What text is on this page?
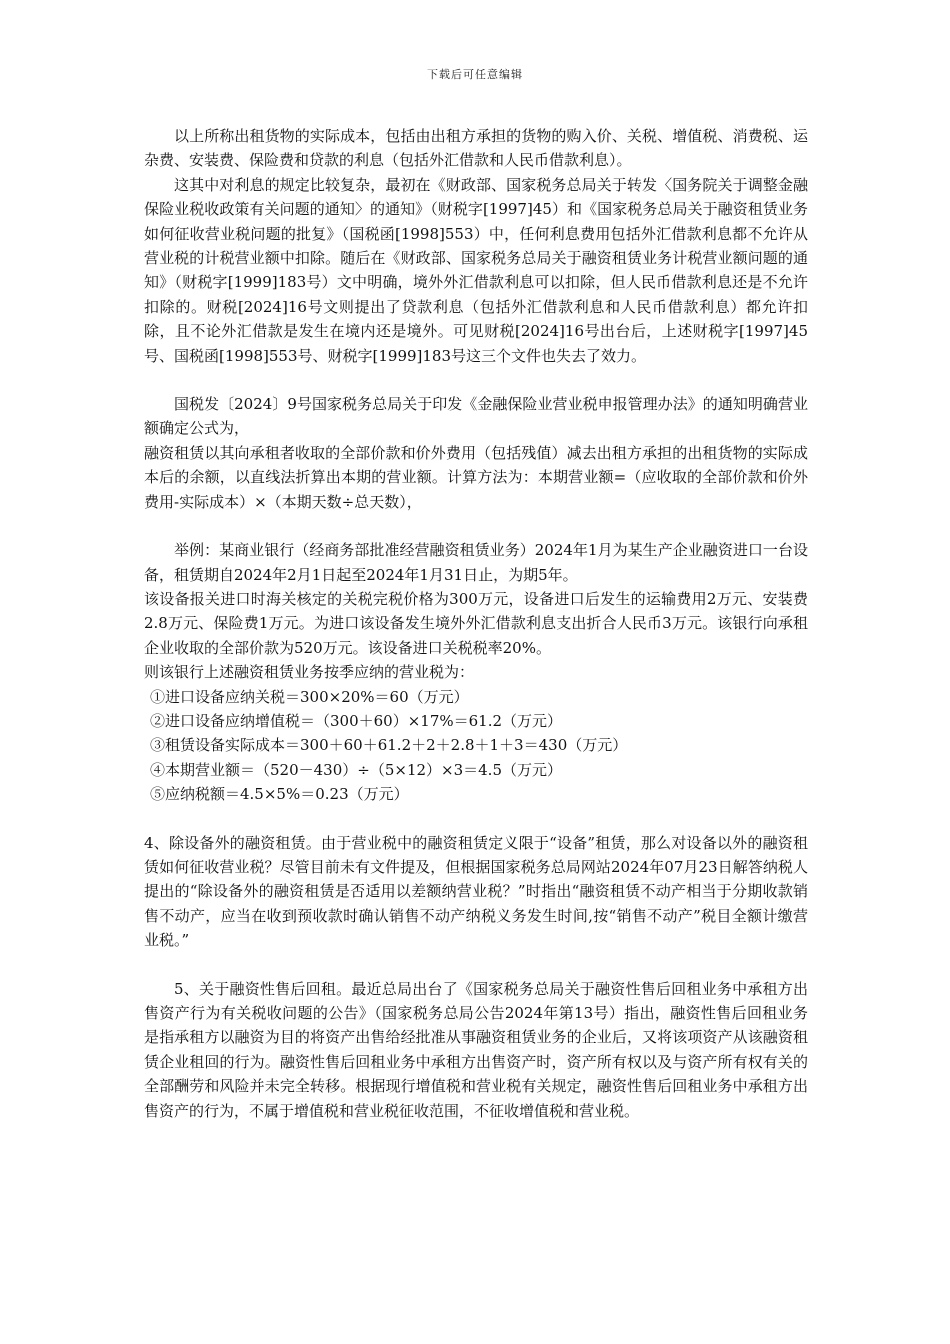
下载后可任意编辑

以上所称出租货物的实际成本，包括由出租方承担的货物的购入价、关税、增值税、消费税、运杂费、安装费、保险费和贷款的利息（包括外汇借款和人民币借款利息）。

这其中对利息的规定比较复杂，最初在《财政部、国家税务总局关于转发〈国务院关于调整金融保险业税收政策有关问题的通知〉的通知》（财税字[1997]45）和《国家税务总局关于融资租赁业务如何征收营业税问题的批复》（国税函[1998]553）中，任何利息费用包括外汇借款利息都不允许从营业税的计税营业额中扣除。随后在《财政部、国家税务总局关于融资租赁业务计税营业额问题的通知》（财税字[1999]183号）文中明确，境外外汇借款利息可以扣除，但人民币借款利息还是不允许扣除的。财税[2024]16号文则提出了贷款利息（包括外汇借款利息和人民币借款利息）都允许扣除，且不论外汇借款是发生在境内还是境外。可见财税[2024]16号出台后，上述财税字[1997]45号、国税函[1998]553号、财税字[1999]183号这三个文件也失去了效力。

国税发〔2024〕9号国家税务总局关于印发《金融保险业营业税申报管理办法》的通知明确营业额确定公式为，

融资租赁以其向承租者收取的全部价款和价外费用（包括残值）减去出租方承担的出租货物的实际成本后的余额，以直线法折算出本期的营业额。计算方法为：本期营业额=（应收取的全部价款和价外费用-实际成本）×（本期天数÷总天数），

举例：某商业银行（经商务部批准经营融资租赁业务）2024年1月为某生产企业融资进口一台设备，租赁期自2024年2月1日起至2024年1月31日止，为期5年。

该设备报关进口时海关核定的关税完税价格为300万元，设备进口后发生的运输费用2万元、安装费2.8万元、保险费1万元。为进口该设备发生境外外汇借款利息支出折合人民币3万元。该银行向承租企业收取的全部价款为520万元。该设备进口关税税率20%。

则该银行上述融资租赁业务按季应纳的营业税为：

①进口设备应纳关税＝300×20%＝60（万元）

②进口设备应纳增值税＝（300＋60）×17%＝61.2（万元）

③租赁设备实际成本＝300＋60＋61.2＋2＋2.8＋1＋3＝430（万元）

④本期营业额＝（520－430）÷（5×12）×3＝4.5（万元）

⑤应纳税额＝4.5×5%＝0.23（万元）

4、除设备外的融资租赁。由于营业税中的融资租赁定义限于“设备”租赁，那么对设备以外的融资租赁如何征收营业税？尽管目前未有文件提及，但根据国家税务总局网站2024年07月23日解答纳税人提出的“除设备外的融资租赁是否适用以差额纳营业税？”时指出“融资租赁不动产相当于分期收款销售不动产，应当在收到预收款时确认销售不动产纳税义务发生时间,按“销售不动产”税目全额计缴营业税。”

5、关于融资性售后回租。最近总局出台了《国家税务总局关于融资性售后回租业务中承租方出售资产行为有关税收问题的公告》（国家税务总局公告2024年第13号）指出，融资性售后回租业务是指承租方以融资为目的将资产出售给经批准从事融资租赁业务的企业后，又将该项资产从该融资租赁企业租回的行为。融资性售后回租业务中承租方出售资产时，资产所有权以及与资产所有权有关的全部酬劳和风险并未完全转移。根据现行增值税和营业税有关规定，融资性售后回租业务中承租方出售资产的行为，不属于增值税和营业税征收范围，不征收增值税和营业税。
